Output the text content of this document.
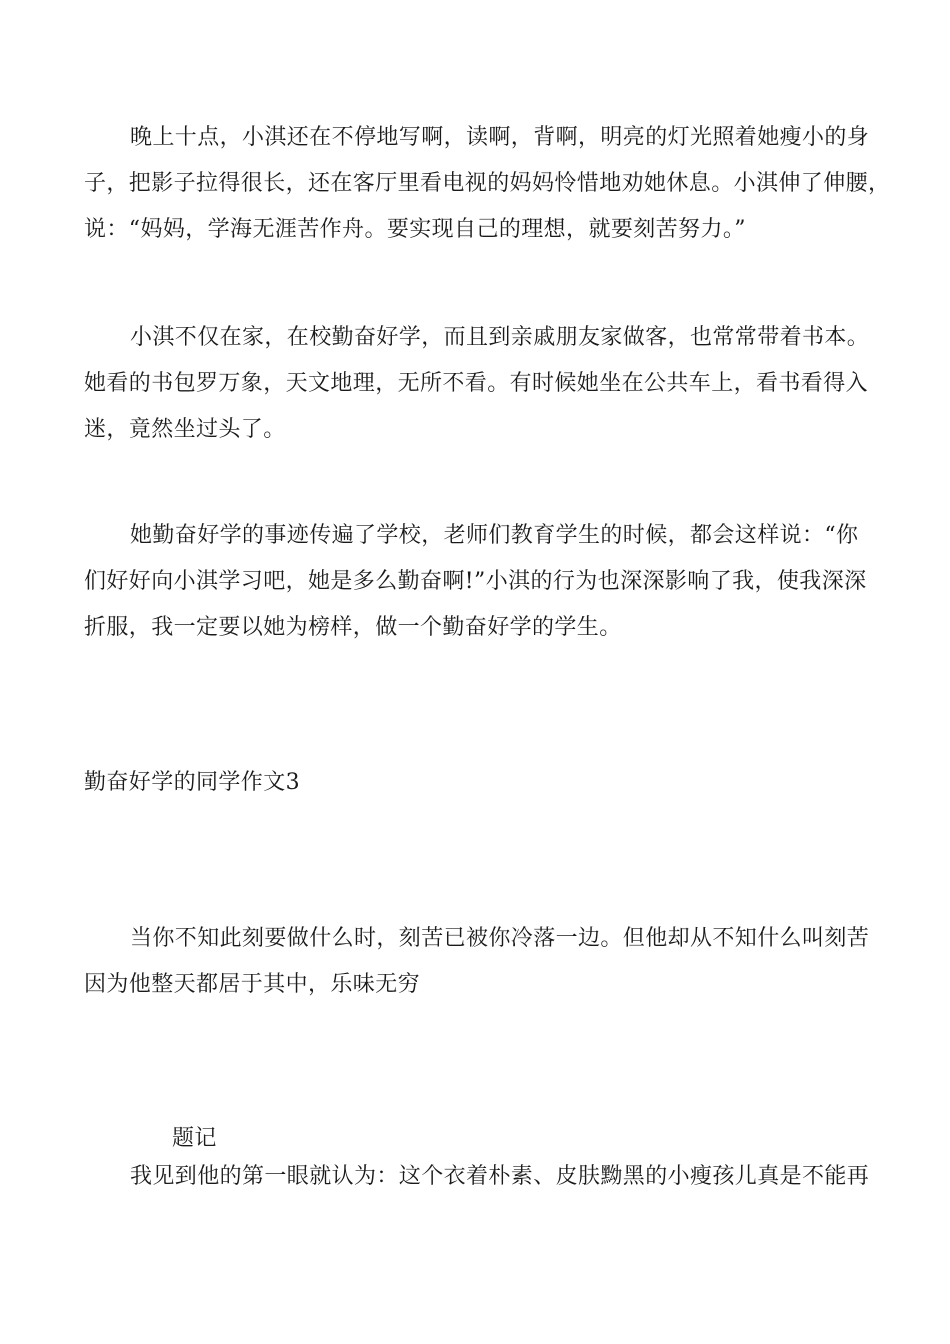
晚上十点，小淇还在不停地写啊，读啊，背啊，明亮的灯光照着她瘦小的身
子，把影子拉得很长，还在客厅里看电视的妈妈怜惜地劝她休息。小淇伸了伸腰，
说：“妈妈，学海无涯苦作舟。要实现自己的理想，就要刻苦努力。”
小淇不仅在家，在校勤奋好学，而且到亲戚朋友家做客，也常常带着书本。
她看的书包罗万象，天文地理，无所不看。有时候她坐在公共车上，看书看得入
迷，竟然坐过头了。
她勤奋好学的事迹传遍了学校，老师们教育学生的时候，都会这样说：“你
们好好向小淇学习吧，她是多么勤奋啊!”小淇的行为也深深影响了我，使我深深
折服，我一定要以她为榜样，做一个勤奋好学的学生。
勤奋好学的同学作文3
当你不知此刻要做什么时，刻苦已被你冷落一边。但他却从不知什么叫刻苦
因为他整天都居于其中，乐味无穷
题记
我见到他的第一眼就认为：这个衣着朴素、皮肤黝黑的小瘦孩儿真是不能再
